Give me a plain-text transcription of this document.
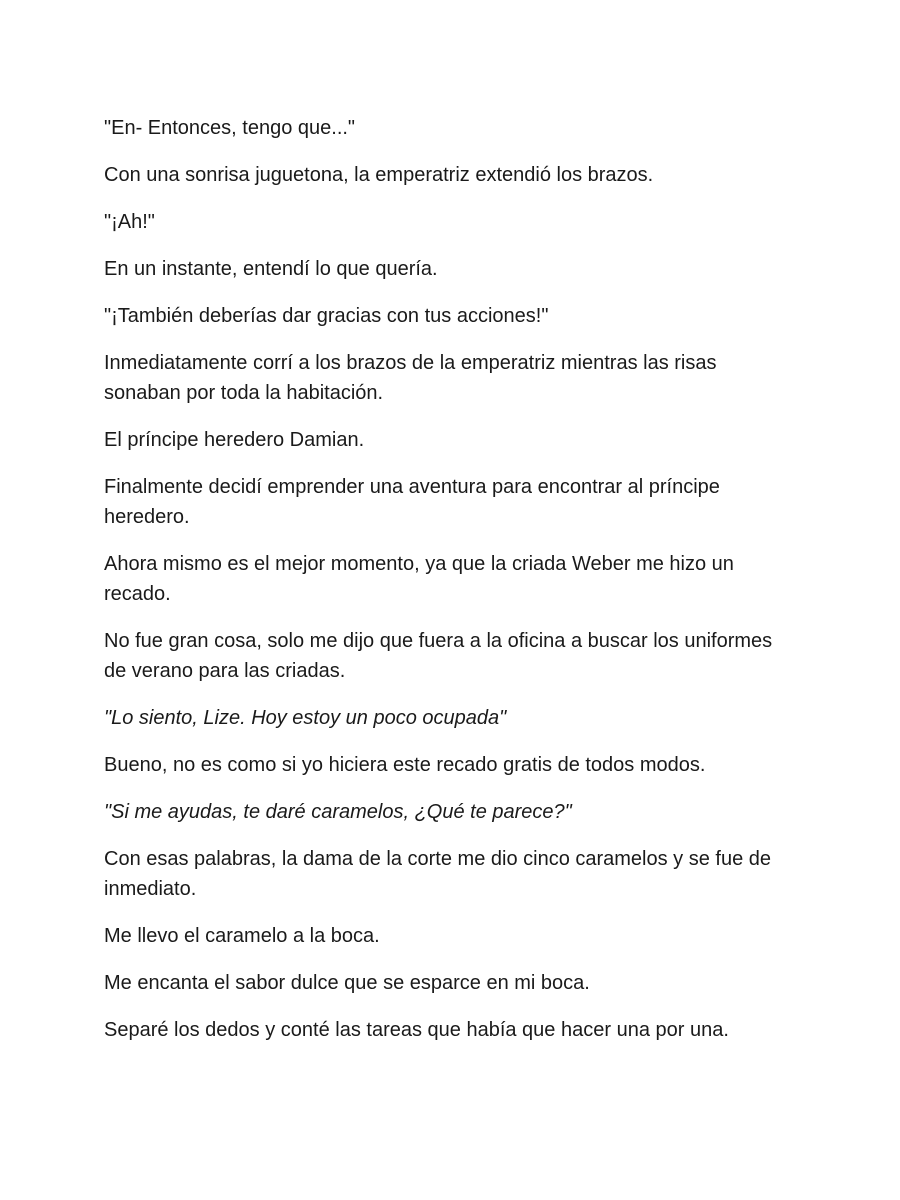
"En- Entonces, tengo que..."

Con una sonrisa juguetona, la emperatriz extendió los brazos.

"¡Ah!"

En un instante, entendí lo que quería.

"¡También deberías dar gracias con tus acciones!"

Inmediatamente corrí a los brazos de la emperatriz mientras las risas sonaban por toda la habitación.

El príncipe heredero Damian.

Finalmente decidí emprender una aventura para encontrar al príncipe heredero.

Ahora mismo es el mejor momento, ya que la criada Weber me hizo un recado.

No fue gran cosa, solo me dijo que fuera a la oficina a buscar los uniformes de verano para las criadas.

"Lo siento, Lize. Hoy estoy un poco ocupada"

Bueno, no es como si yo hiciera este recado gratis de todos modos.

"Si me ayudas, te daré caramelos, ¿Qué te parece?"

Con esas palabras, la dama de la corte me dio cinco caramelos y se fue de inmediato.

Me llevo el caramelo a la boca.

Me encanta el sabor dulce que se esparce en mi boca.

Separé los dedos y conté las tareas que había que hacer una por una.
